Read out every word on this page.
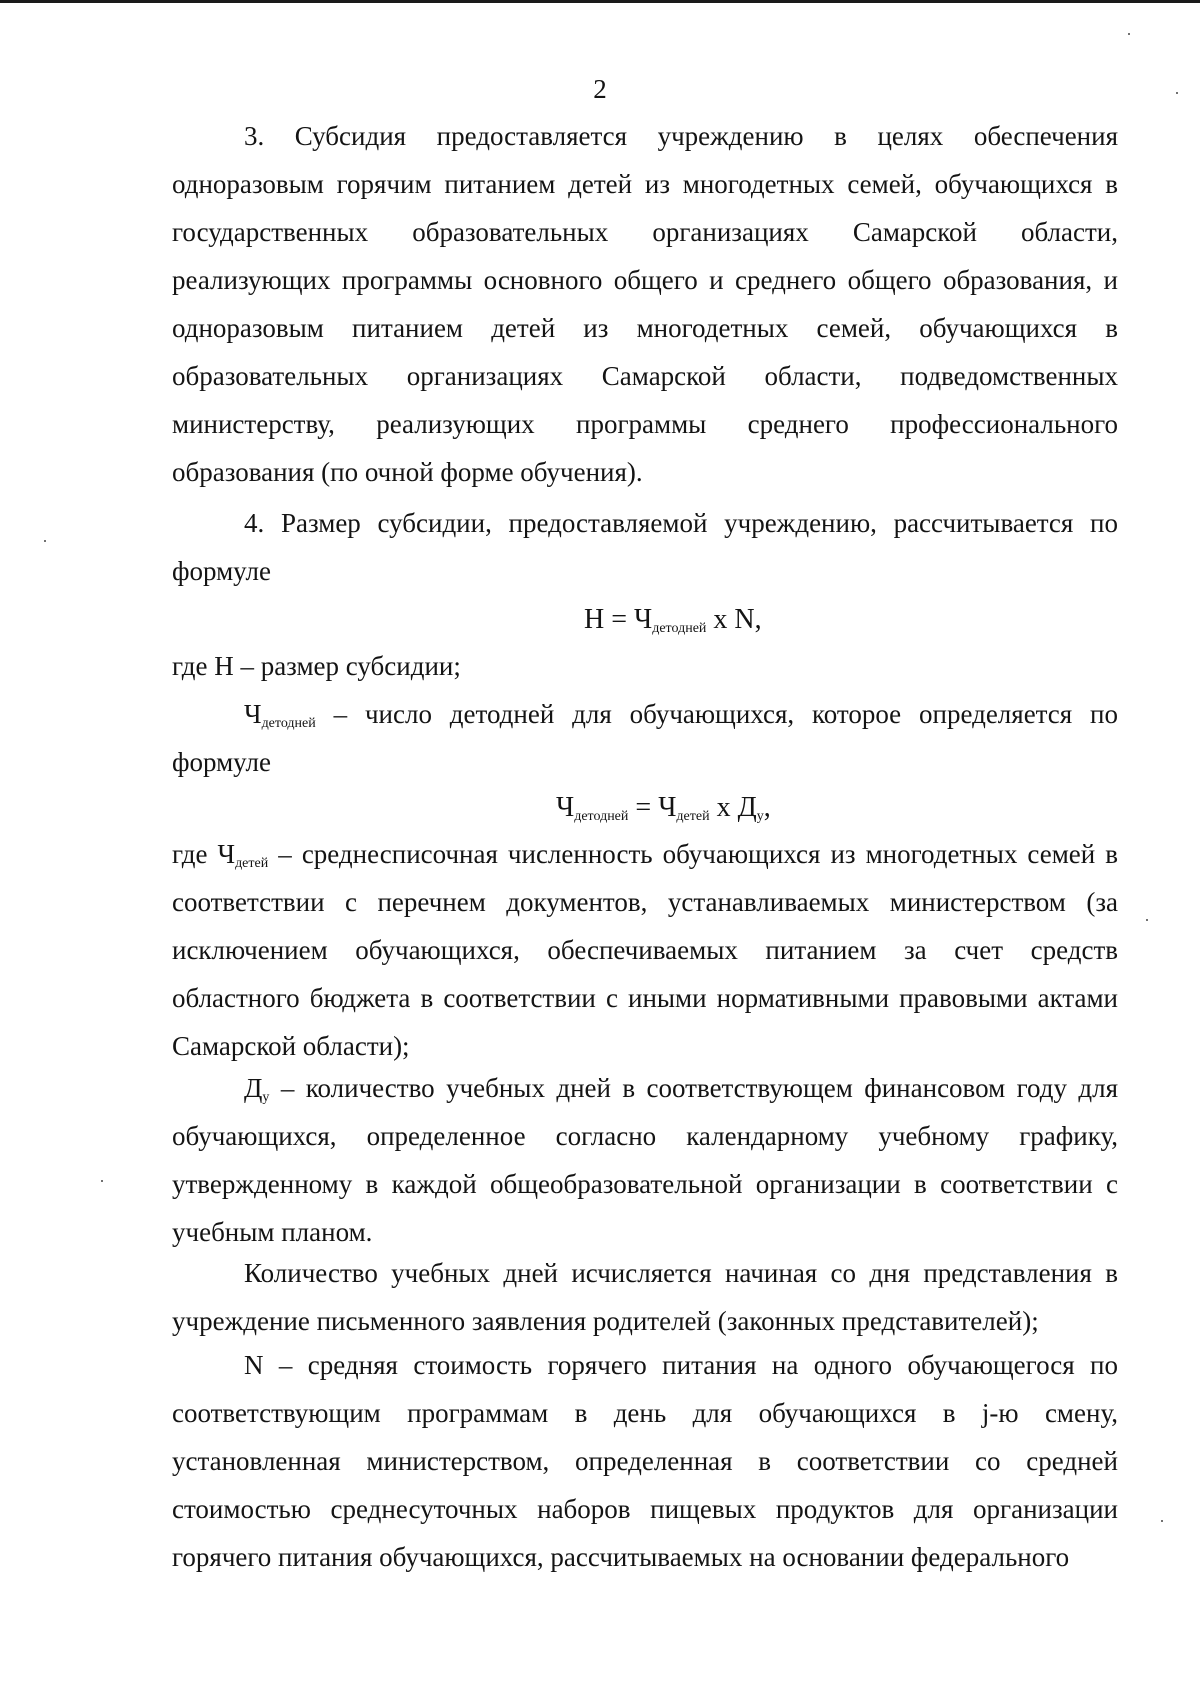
2

3. Субсидия предоставляется учреждению в целях обеспечения одноразовым горячим питанием детей из многодетных семей, обучающихся в государственных образовательных организациях Самарской области, реализующих программы основного общего и среднего общего образования, и одноразовым питанием детей из многодетных семей, обучающихся в образовательных организациях Самарской области, подведомственных министерству, реализующих программы среднего профессионального образования (по очной форме обучения).

4. Размер субсидии, предоставляемой учреждению, рассчитывается по формуле

$Н = Ч_{детодней}$ x N,

где Н – размер субсидии;

$Ч_{детодней}$ – число детодней для обучающихся, которое определяется по формуле

$Ч_{детодней} = Ч_{детей}$ x $Д_у$,

где $Ч_{детей}$ – среднесписочная численность обучающихся из многодетных семей в соответствии с перечнем документов, устанавливаемых министерством (за исключением обучающихся, обеспечиваемых питанием за счет средств областного бюджета в соответствии с иными нормативными правовыми актами Самарской области);

$Д_у$ – количество учебных дней в соответствующем финансовом году для обучающихся, определенное согласно календарному учебному графику, утвержденному в каждой общеобразовательной организации в соответствии с учебным планом.

Количество учебных дней исчисляется начиная со дня представления в учреждение письменного заявления родителей (законных представителей);

N – средняя стоимость горячего питания на одного обучающегося по соответствующим программам в день для обучающихся в j-ю смену, установленная министерством, определенная в соответствии со средней стоимостью среднесуточных наборов пищевых продуктов для организации горячего питания обучающихся, рассчитываемых на основании федерального
